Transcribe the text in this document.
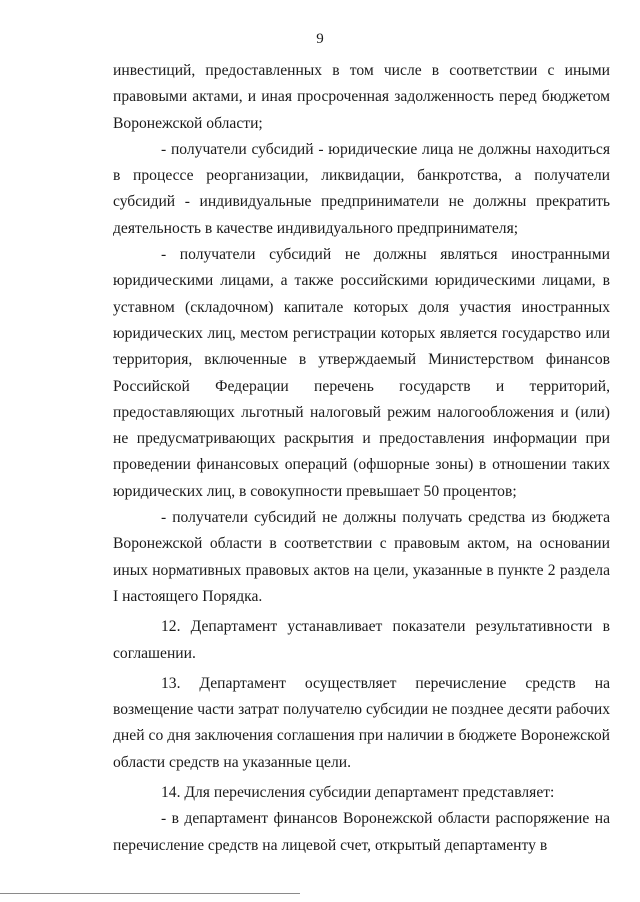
9

инвестиций, предоставленных в том числе в соответствии с иными правовыми актами, и иная просроченная задолженность перед бюджетом Воронежской области;

- получатели субсидий - юридические лица не должны находиться в процессе реорганизации, ликвидации, банкротства, а получатели субсидий - индивидуальные предприниматели не должны прекратить деятельность в качестве индивидуального предпринимателя;

- получатели субсидий не должны являться иностранными юридическими лицами, а также российскими юридическими лицами, в уставном (складочном) капитале которых доля участия иностранных юридических лиц, местом регистрации которых является государство или территория, включенные в утверждаемый Министерством финансов Российской Федерации перечень государств и территорий, предоставляющих льготный налоговый режим налогообложения и (или) не предусматривающих раскрытия и предоставления информации при проведении финансовых операций (офшорные зоны) в отношении таких юридических лиц, в совокупности превышает 50 процентов;

- получатели субсидий не должны получать средства из бюджета Воронежской области в соответствии с правовым актом, на основании иных нормативных правовых актов на цели, указанные в пункте 2 раздела I настоящего Порядка.

12. Департамент устанавливает показатели результативности в соглашении.

13. Департамент осуществляет перечисление средств на возмещение части затрат получателю субсидии не позднее десяти рабочих дней со дня заключения соглашения при наличии в бюджете Воронежской области средств на указанные цели.

14. Для перечисления субсидии департамент представляет:

- в департамент финансов Воронежской области распоряжение на перечисление средств на лицевой счет, открытый департаменту в
